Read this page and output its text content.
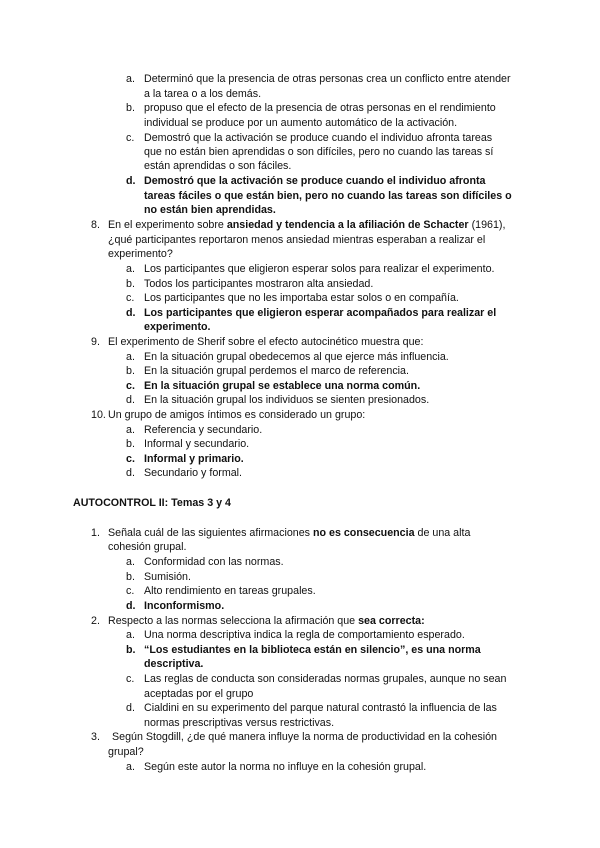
a. Determinó que la presencia de otras personas crea un conflicto entre atender
a la tarea o a los demás.
b. propuso que el efecto de la presencia de otras personas en el rendimiento
individual se produce por un aumento automático de la activación.
c. Demostró que la activación se produce cuando el individuo afronta tareas
que no están bien aprendidas o son difíciles, pero no cuando las tareas sí
están aprendidas o son fáciles.
d. Demostró que la activación se produce cuando el individuo afronta
tareas fáciles o que están bien, pero no cuando las tareas son difíciles o
no están bien aprendidas.
8. En el experimento sobre ansiedad y tendencia a la afiliación de Schacter (1961),
¿qué participantes reportaron menos ansiedad mientras esperaban a realizar el
experimento?
a. Los participantes que eligieron esperar solos para realizar el experimento.
b. Todos los participantes mostraron alta ansiedad.
c. Los participantes que no les importaba estar solos o en compañía.
d. Los participantes que eligieron esperar acompañados para realizar el
experimento.
9. El experimento de Sherif sobre el efecto autocinético muestra que:
a. En la situación grupal obedecemos al que ejerce más influencia.
b. En la situación grupal perdemos el marco de referencia.
c. En la situación grupal se establece una norma común.
d. En la situación grupal los individuos se sienten presionados.
10. Un grupo de amigos íntimos es considerado un grupo:
a. Referencia y secundario.
b. Informal y secundario.
c. Informal y primario.
d. Secundario y formal.
AUTOCONTROL II: Temas 3 y 4
1. Señala cuál de las siguientes afirmaciones no es consecuencia de una alta
cohesión grupal.
a. Conformidad con las normas.
b. Sumisión.
c. Alto rendimiento en tareas grupales.
d. Inconformismo.
2. Respecto a las normas selecciona la afirmación que sea correcta:
a. Una norma descriptiva indica la regla de comportamiento esperado.
b. “Los estudiantes en la biblioteca están en silencio”, es una norma
descriptiva.
c. Las reglas de conducta son consideradas normas grupales, aunque no sean
aceptadas por el grupo
d. Cialdini en su experimento del parque natural contrastó la influencia de las
normas prescriptivas versus restrictivas.
3. Según Stogdill, ¿de qué manera influye la norma de productividad en la cohesión
grupal?
a. Según este autor la norma no influye en la cohesión grupal.
